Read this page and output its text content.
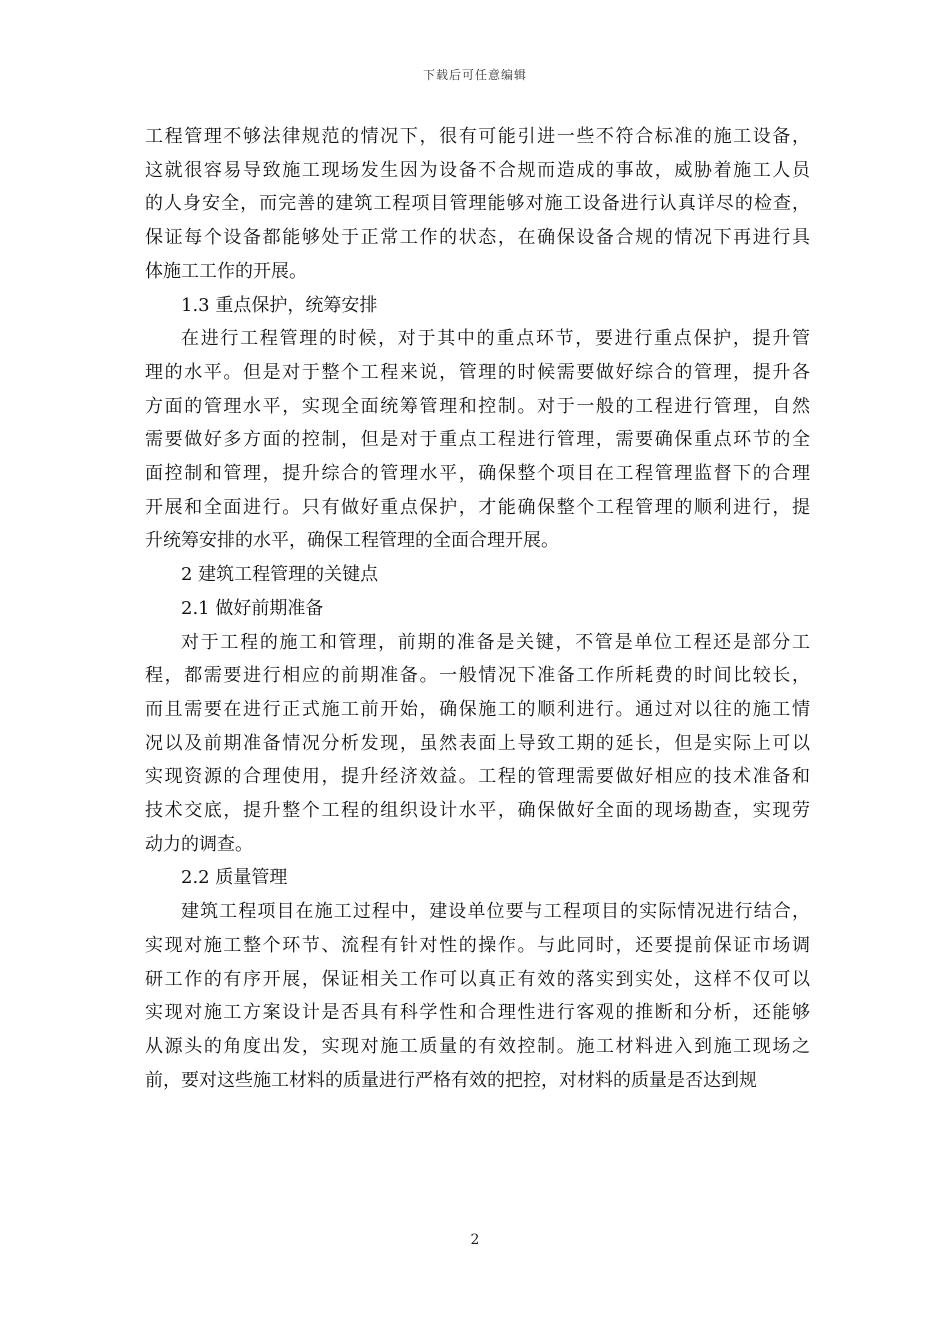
下载后可任意编辑

工程管理不够法律规范的情况下，很有可能引进一些不符合标准的施工设备，
这就很容易导致施工现场发生因为设备不合规而造成的事故，威胁着施工人员
的人身安全，而完善的建筑工程项目管理能够对施工设备进行认真详尽的检查，
保证每个设备都能够处于正常工作的状态，在确保设备合规的情况下再进行具
体施工工作的开展。

1.3 重点保护，统筹安排

在进行工程管理的时候，对于其中的重点环节，要进行重点保护，提升管
理的水平。但是对于整个工程来说，管理的时候需要做好综合的管理，提升各
方面的管理水平，实现全面统筹管理和控制。对于一般的工程进行管理，自然
需要做好多方面的控制，但是对于重点工程进行管理，需要确保重点环节的全
面控制和管理，提升综合的管理水平，确保整个项目在工程管理监督下的合理
开展和全面进行。只有做好重点保护，才能确保整个工程管理的顺利进行，提
升统筹安排的水平，确保工程管理的全面合理开展。

2 建筑工程管理的关键点

2.1 做好前期准备

对于工程的施工和管理，前期的准备是关键，不管是单位工程还是部分工
程，都需要进行相应的前期准备。一般情况下准备工作所耗费的时间比较长，
而且需要在进行正式施工前开始，确保施工的顺利进行。通过对以往的施工情
况以及前期准备情况分析发现，虽然表面上导致工期的延长，但是实际上可以
实现资源的合理使用，提升经济效益。工程的管理需要做好相应的技术准备和
技术交底，提升整个工程的组织设计水平，确保做好全面的现场勘查，实现劳
动力的调查。

2.2 质量管理

建筑工程项目在施工过程中，建设单位要与工程项目的实际情况进行结合，
实现对施工整个环节、流程有针对性的操作。与此同时，还要提前保证市场调
研工作的有序开展，保证相关工作可以真正有效的落实到实处，这样不仅可以
实现对施工方案设计是否具有科学性和合理性进行客观的推断和分析，还能够
从源头的角度出发，实现对施工质量的有效控制。施工材料进入到施工现场之
前，要对这些施工材料的质量进行严格有效的把控，对材料的质量是否达到规

2
